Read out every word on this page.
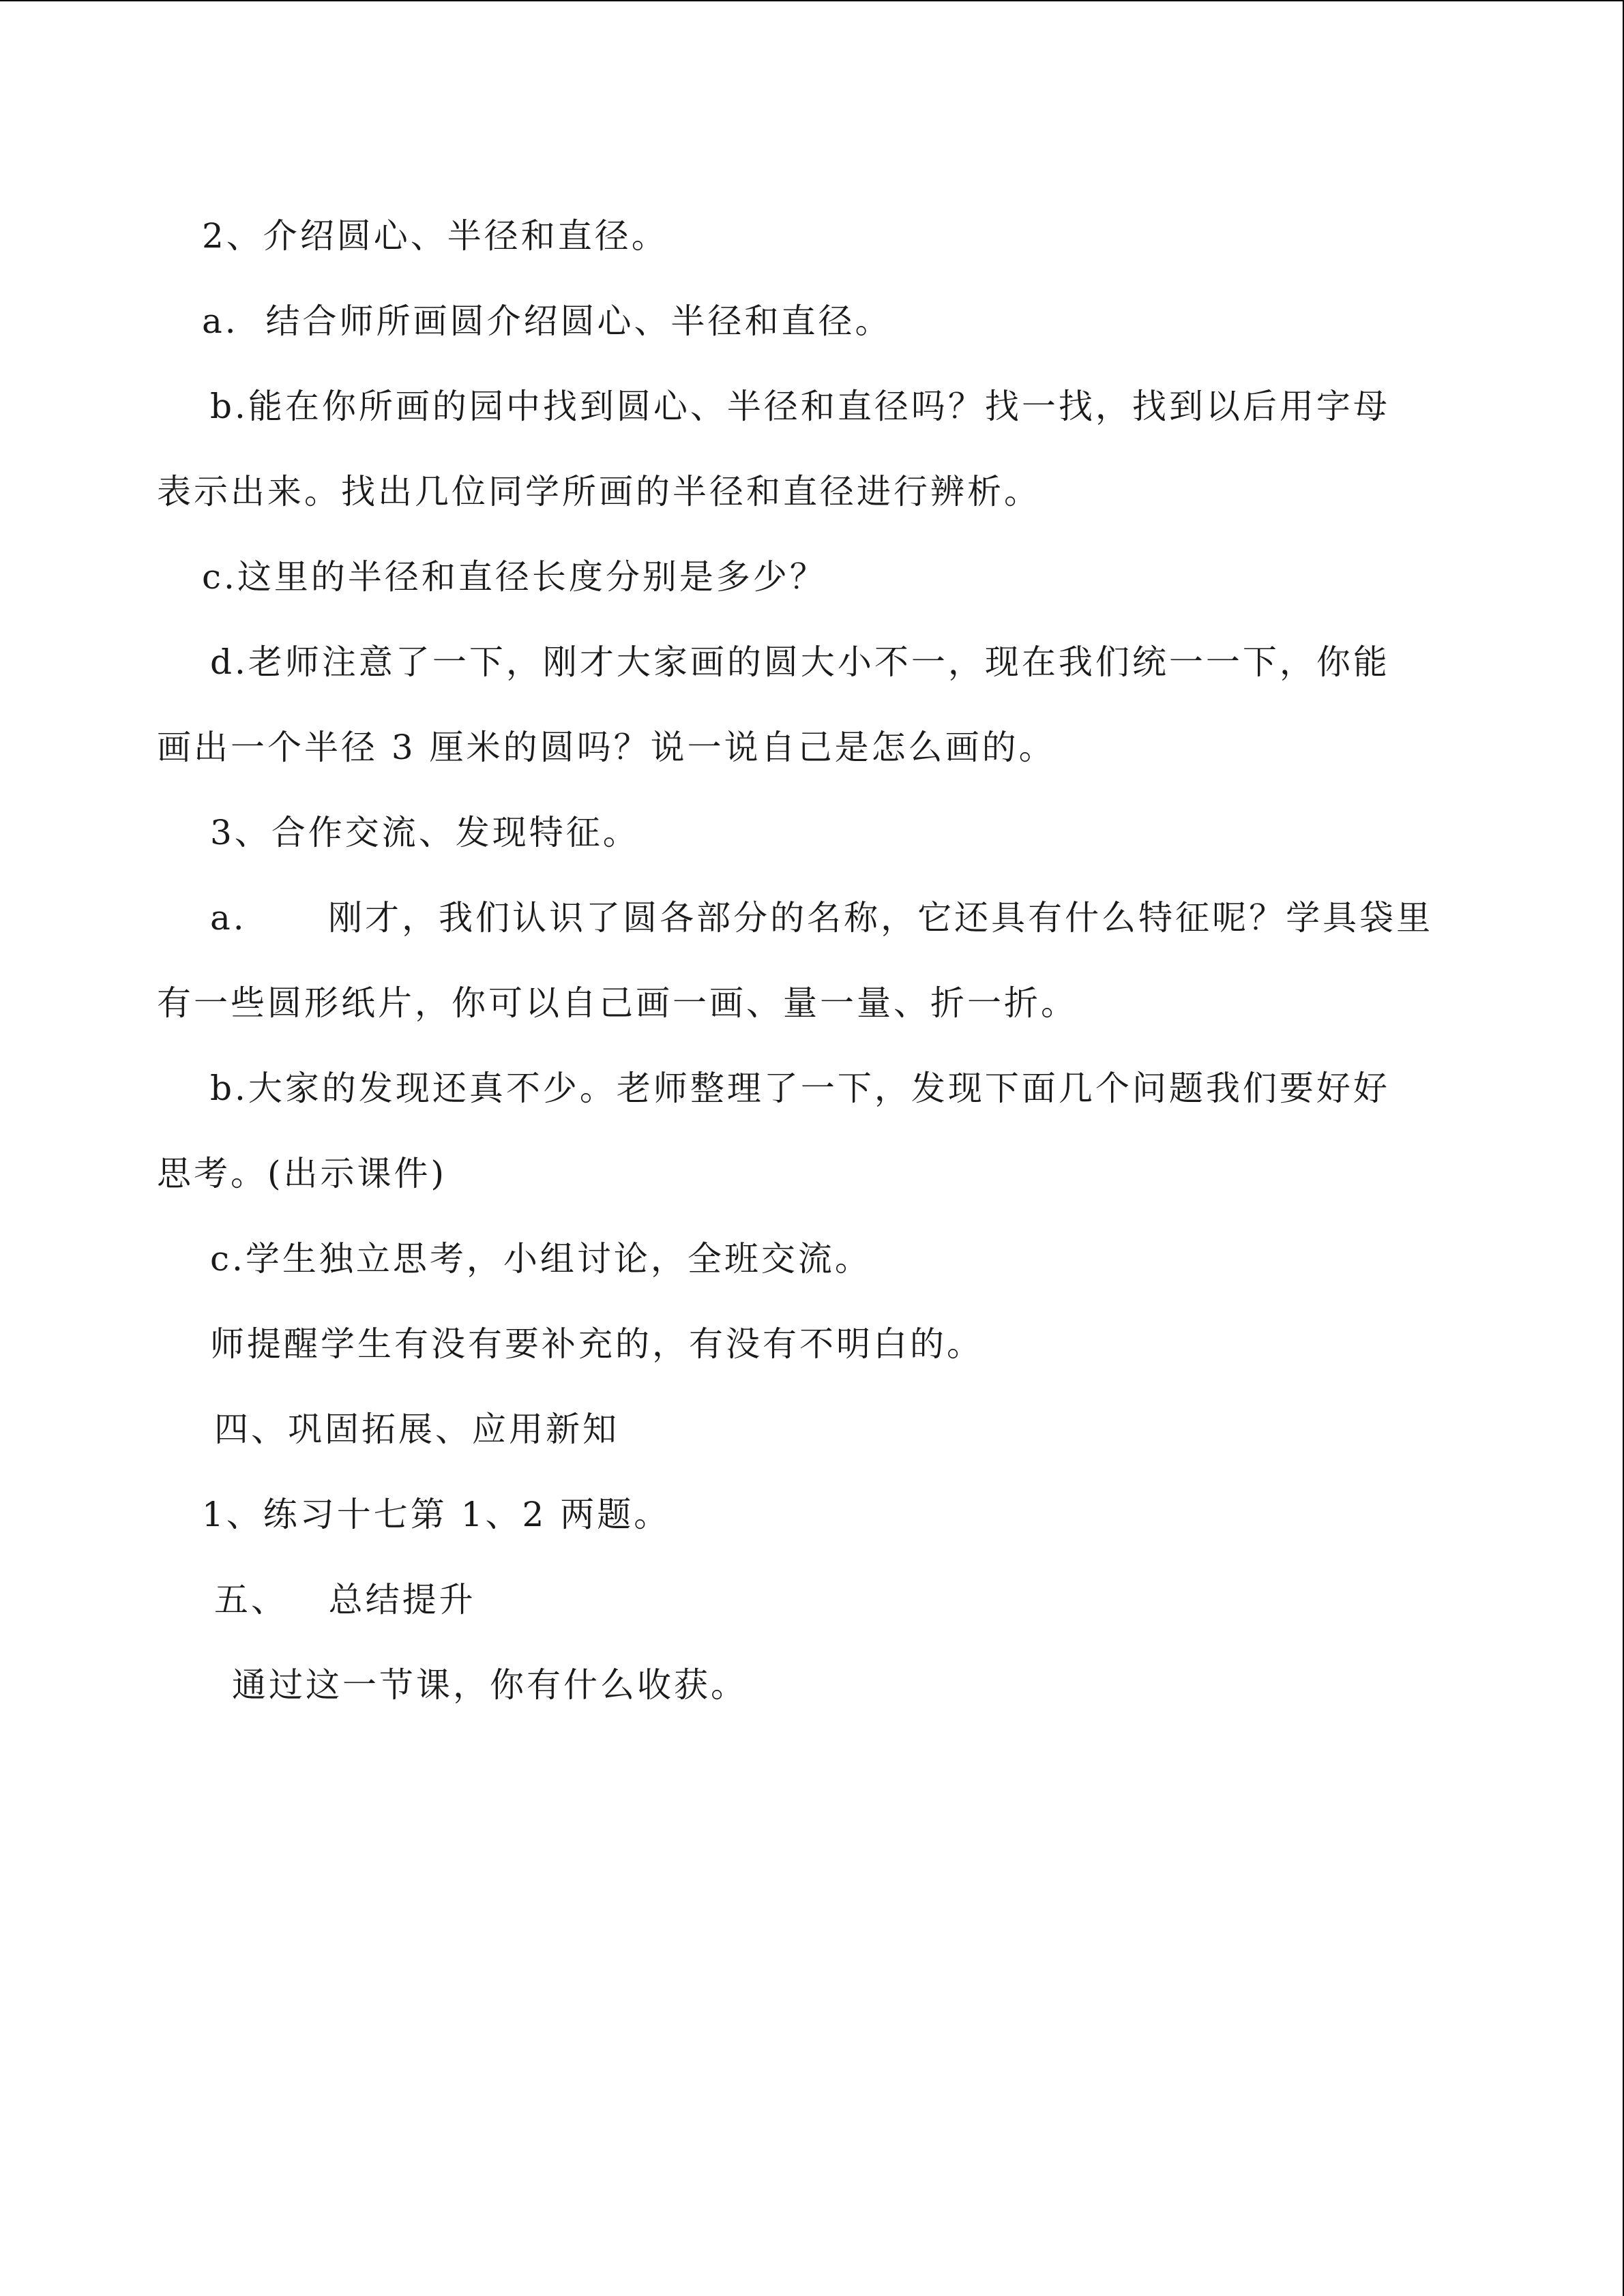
2、介绍圆心、半径和直径。
a.  结合师所画圆介绍圆心、半径和直径。
b.能在你所画的园中找到圆心、半径和直径吗？找一找，找到以后用字母
表示出来。找出几位同学所画的半径和直径进行辨析。
c.这里的半径和直径长度分别是多少？
d.老师注意了一下，刚才大家画的圆大小不一，现在我们统一一下，你能
画出一个半径 3 厘米的圆吗？说一说自己是怎么画的。
3、合作交流、发现特征。
a.      刚才，我们认识了圆各部分的名称，它还具有什么特征呢？学具袋里
有一些圆形纸片，你可以自己画一画、量一量、折一折。
b.大家的发现还真不少。老师整理了一下，发现下面几个问题我们要好好
思考。(出示课件)
c.学生独立思考，小组讨论，全班交流。
师提醒学生有没有要补充的，有没有不明白的。
四、巩固拓展、应用新知
1、练习十七第 1、2 两题。
五、   总结提升
通过这一节课，你有什么收获。
